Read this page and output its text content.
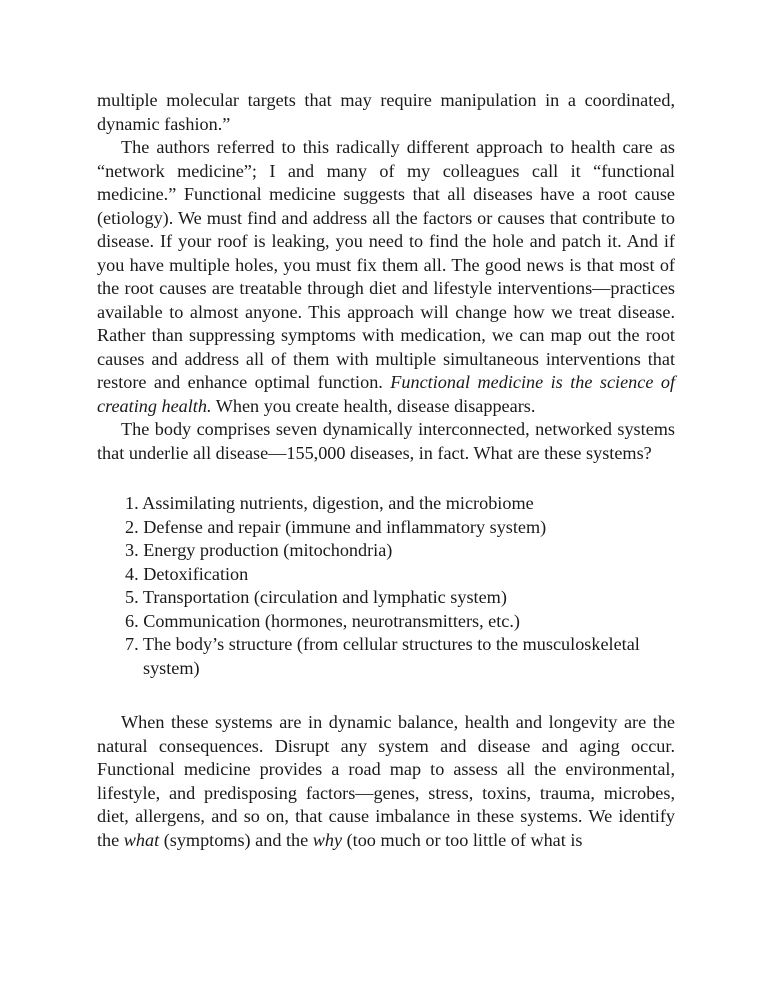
multiple molecular targets that may require manipulation in a coordinated, dynamic fashion.”

The authors referred to this radically different approach to health care as “network medicine”; I and many of my colleagues call it “functional medicine.” Functional medicine suggests that all diseases have a root cause (etiology). We must find and address all the factors or causes that contribute to disease. If your roof is leaking, you need to find the hole and patch it. And if you have multiple holes, you must fix them all. The good news is that most of the root causes are treatable through diet and lifestyle interventions—practices available to almost anyone. This approach will change how we treat disease. Rather than suppressing symptoms with medication, we can map out the root causes and address all of them with multiple simultaneous interventions that restore and enhance optimal function. Functional medicine is the science of creating health. When you create health, disease disappears.

The body comprises seven dynamically interconnected, networked systems that underlie all disease—155,000 diseases, in fact. What are these systems?

1. Assimilating nutrients, digestion, and the microbiome
2. Defense and repair (immune and inflammatory system)
3. Energy production (mitochondria)
4. Detoxification
5. Transportation (circulation and lymphatic system)
6. Communication (hormones, neurotransmitters, etc.)
7. The body’s structure (from cellular structures to the musculoskeletal system)

When these systems are in dynamic balance, health and longevity are the natural consequences. Disrupt any system and disease and aging occur. Functional medicine provides a road map to assess all the environmental, lifestyle, and predisposing factors—genes, stress, toxins, trauma, microbes, diet, allergens, and so on, that cause imbalance in these systems. We identify the what (symptoms) and the why (too much or too little of what is
